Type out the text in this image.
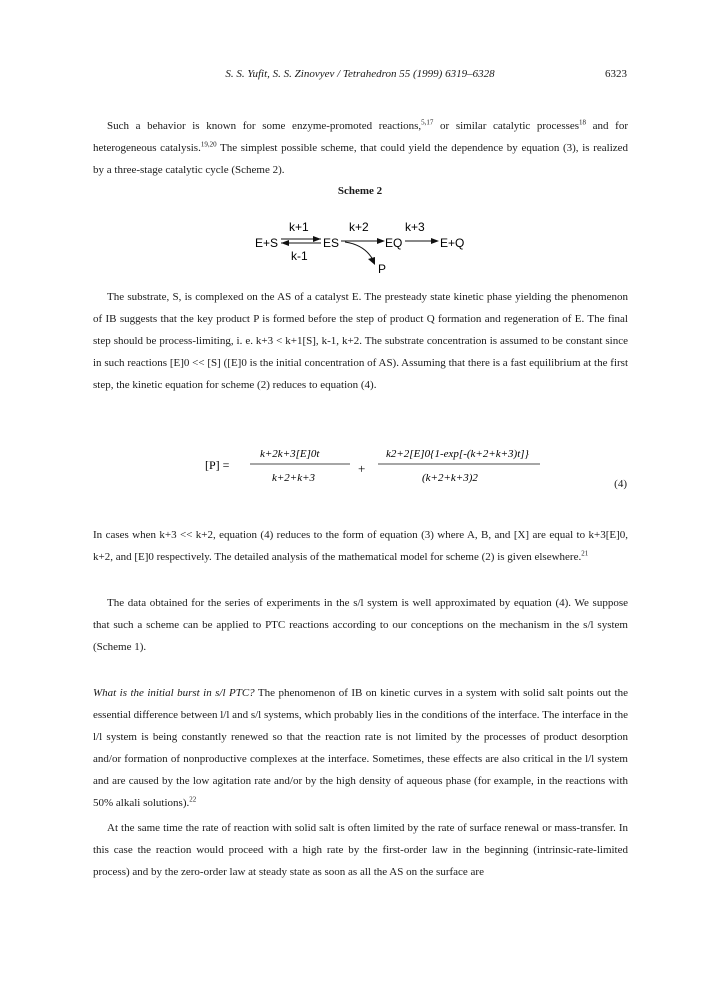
S. S. Yufit, S. S. Zinovyev / Tetrahedron 55 (1999) 6319–6328	6323

Such a behavior is known for some enzyme-promoted reactions,$^{5,17}$ or similar catalytic processes$^{18}$ and for heterogeneous catalysis.$^{19,20}$ The simplest possible scheme, that could yield the dependence by equation (3), is realized by a three-stage catalytic cycle (Scheme 2).

Scheme 2
E+S
k+1
k-1
ES
k+2
EQ
k+3
E+Q
P

The substrate, S, is complexed on the AS of a catalyst E. The presteady state kinetic phase yielding the phenomenon of IB suggests that the key product P is formed before the step of product Q formation and regeneration of E. The final step should be process-limiting, i. e. k+3 < k+1[S], k-1, k+2. The substrate concentration is assumed to be constant since in such reactions [E]0 << [S] ([E]0 is the initial concentration of AS). Assuming that there is a fast equilibrium at the first step, the kinetic equation for scheme (2) reduces to equation (4).

[P] =
k+2k+3[E]0t
k+2+k+3
+
k2+2[E]0{1-exp[-(k+2+k+3)t]}
(k+2+k+3)2	(4)

In cases when k+3 << k+2, equation (4) reduces to the form of equation (3) where A, B, and [X] are equal to k+3[E]0, k+2, and [E]0 respectively. The detailed analysis of the mathematical model for scheme (2) is given elsewhere.$^{21}$

The data obtained for the series of experiments in the s/l system is well approximated by equation (4). We suppose that such a scheme can be applied to PTC reactions according to our conceptions on the mechanism in the s/l system (Scheme 1).

What is the initial burst in s/l PTC? The phenomenon of IB on kinetic curves in a system with solid salt points out the essential difference between l/l and s/l systems, which probably lies in the conditions of the interface. The interface in the l/l system is being constantly renewed so that the reaction rate is not limited by the processes of product desorption and/or formation of nonproductive complexes at the interface. Sometimes, these effects are also critical in the l/l system and are caused by the low agitation rate and/or by the high density of aqueous phase (for example, in the reactions with 50% alkali solutions).$^{22}$

At the same time the rate of reaction with solid salt is often limited by the rate of surface renewal or mass-transfer. In this case the reaction would proceed with a high rate by the first-order law in the beginning (intrinsic-rate-limited process) and by the zero-order law at steady state as soon as all the AS on the surface are
